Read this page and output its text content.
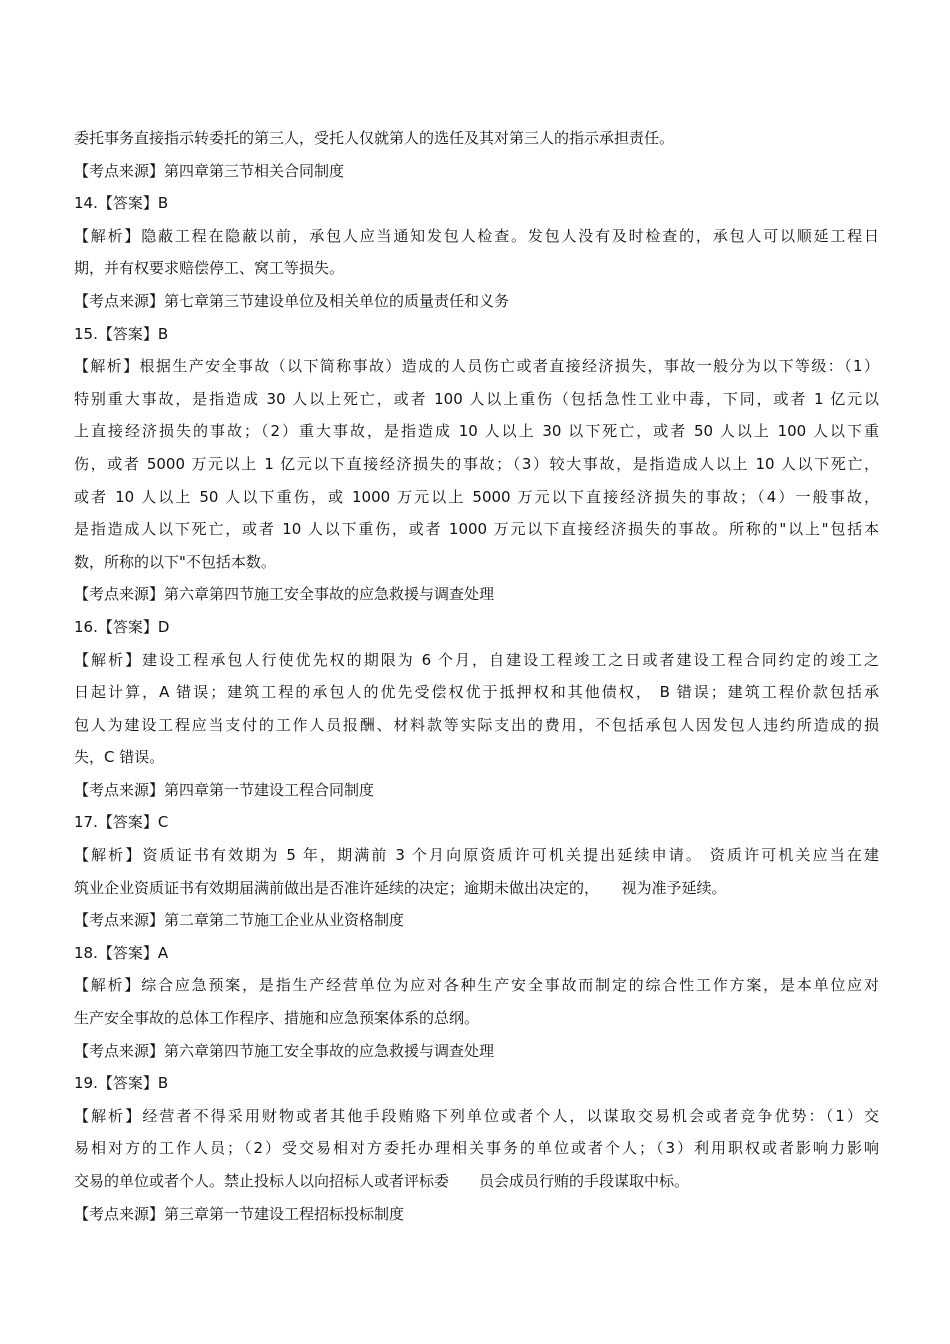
委托事务直接指示转委托的第三人，受托人仅就第人的选任及其对第三人的指示承担责任。
【考点来源】第四章第三节相关合同制度
14.【答案】B
【解析】隐蔽工程在隐蔽以前，承包人应当通知发包人检查。发包人没有及时检查的，承包人可以顺延工程日
期，并有权要求赔偿停工、窝工等损失。
【考点来源】第七章第三节建设单位及相关单位的质量责任和义务
15.【答案】B
【解析】根据生产安全事故（以下简称事故）造成的人员伤亡或者直接经济损失，事故一般分为以下等级：（1）
特别重大事故，是指造成 30 人以上死亡，或者 100 人以上重伤（包括急性工业中毒，下同，或者 1 亿元以
上直接经济损失的事故；（2）重大事故，是指造成 10 人以上 30 以下死亡，或者 50 人以上 100 人以下重
伤，或者 5000 万元以上 1 亿元以下直接经济损失的事故；（3）较大事故，是指造成人以上 10 人以下死亡，
或者 10 人以上 50 人以下重伤，或 1000 万元以上 5000 万元以下直接经济损失的事故；（4）一般事故，
是指造成人以下死亡，或者 10 人以下重伤，或者 1000 万元以下直接经济损失的事故。所称的"以上"包括本
数，所称的以下"不包括本数。
【考点来源】第六章第四节施工安全事故的应急救援与调查处理
16.【答案】D
【解析】建设工程承包人行使优先权的期限为 6 个月，自建设工程竣工之日或者建设工程合同约定的竣工之
日起计算，A 错误；建筑工程的承包人的优先受偿权优于抵押权和其他债权， B 错误；建筑工程价款包括承
包人为建设工程应当支付的工作人员报酬、材料款等实际支出的费用，不包括承包人因发包人违约所造成的损
失，C 错误。
【考点来源】第四章第一节建设工程合同制度
17.【答案】C
【解析】资质证书有效期为 5 年，期满前 3 个月向原资质许可机关提出延续申请。 资质许可机关应当在建
筑业企业资质证书有效期届满前做出是否准许延续的决定；逾期未做出决定的，　　视为准予延续。
【考点来源】第二章第二节施工企业从业资格制度
18.【答案】A
【解析】综合应急预案，是指生产经营单位为应对各种生产安全事故而制定的综合性工作方案，是本单位应对
生产安全事故的总体工作程序、措施和应急预案体系的总纲。
【考点来源】第六章第四节施工安全事故的应急救援与调查处理
19.【答案】B
【解析】经营者不得采用财物或者其他手段贿赂下列单位或者个人，以谋取交易机会或者竞争优势：（1）交
易相对方的工作人员；（2）受交易相对方委托办理相关事务的单位或者个人；（3）利用职权或者影响力影响
交易的单位或者个人。禁止投标人以向招标人或者评标委　　员会成员行贿的手段谋取中标。
【考点来源】第三章第一节建设工程招标投标制度
